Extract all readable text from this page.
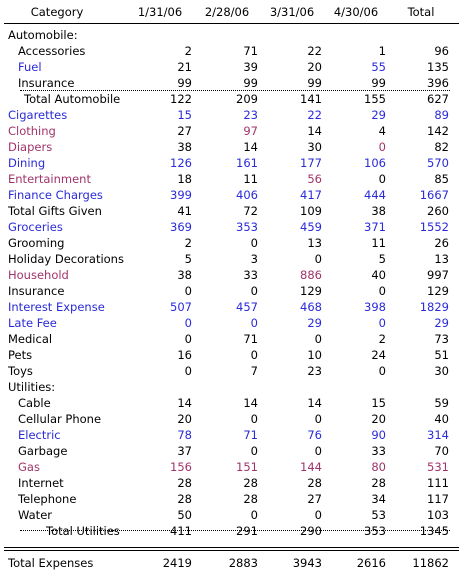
Category	1/31/06	2/28/06	3/31/06	4/30/06	Total
Automobile:
Accessories	2	71	22	1	96
Fuel	21	39	20	55	135
Insurance	99	99	99	99	396
Total Automobile	122	209	141	155	627
Cigarettes	15	23	22	29	89
Clothing	27	97	14	4	142
Diapers	38	14	30	0	82
Dining	126	161	177	106	570
Entertainment	18	11	56	0	85
Finance Charges	399	406	417	444	1667
Total Gifts Given	41	72	109	38	260
Groceries	369	353	459	371	1552
Grooming	2	0	13	11	26
Holiday Decorations	5	3	0	5	13
Household	38	33	886	40	997
Insurance	0	0	129	0	129
Interest Expense	507	457	468	398	1829
Late Fee	0	0	29	0	29
Medical	0	71	0	2	73
Pets	16	0	10	24	51
Toys	0	7	23	0	30
Utilities:
Cable	14	14	14	15	59
Cellular Phone	20	0	0	20	40
Electric	78	71	76	90	314
Garbage	37	0	0	33	70
Gas	156	151	144	80	531
Internet	28	28	28	28	111
Telephone	28	28	27	34	117
Water	50	0	0	53	103
Total Utilities	411	291	290	353	1345
Total Expenses	2419	2883	3943	2616	11862
